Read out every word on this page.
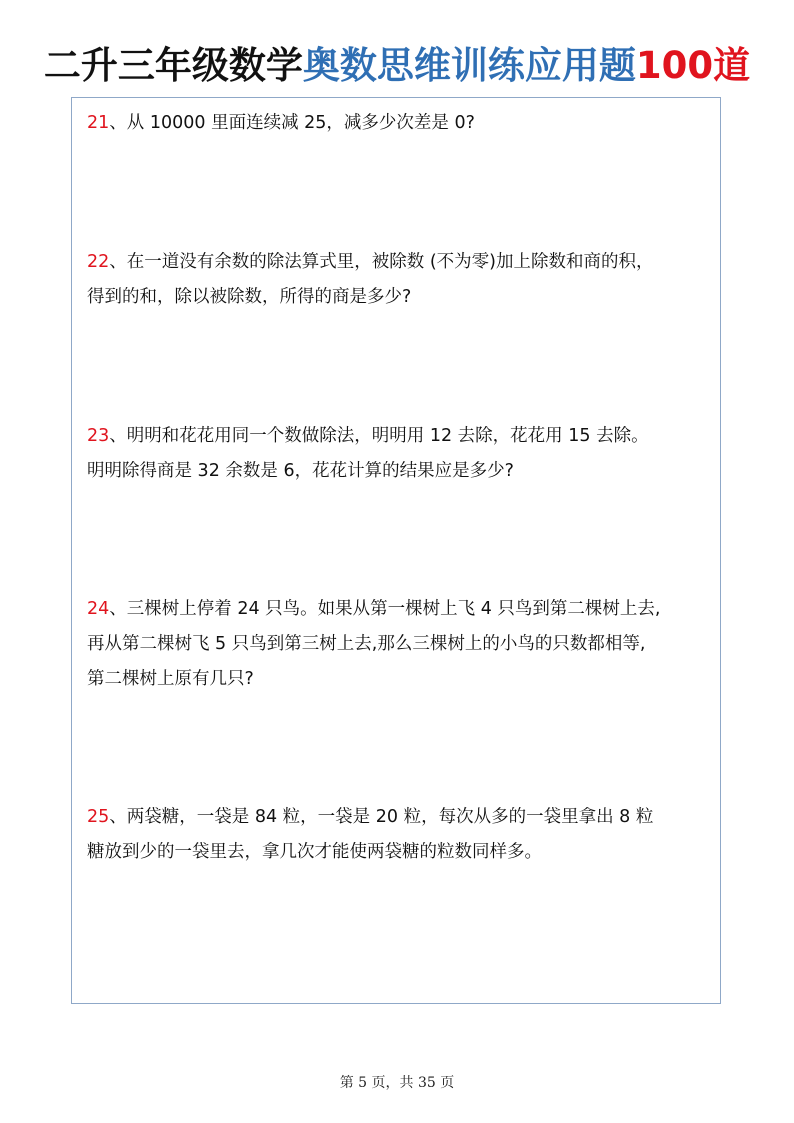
二升三年级数学奥数思维训练应用题100道
21、从 10000 里面连续减 25，减多少次差是 0?
22、在一道没有余数的除法算式里，被除数 (不为零)加上除数和商的积，
得到的和，除以被除数，所得的商是多少?
23、明明和花花用同一个数做除法，明明用 12 去除，花花用 15 去除。
明明除得商是 32 余数是 6，花花计算的结果应是多少?
24、三棵树上停着 24 只鸟。如果从第一棵树上飞 4 只鸟到第二棵树上去,
再从第二棵树飞 5 只鸟到第三树上去,那么三棵树上的小鸟的只数都相等,
第二棵树上原有几只?
25、两袋糖，一袋是 84 粒，一袋是 20 粒，每次从多的一袋里拿出 8 粒
糖放到少的一袋里去，拿几次才能使两袋糖的粒数同样多。
第 5 页，共 35 页
